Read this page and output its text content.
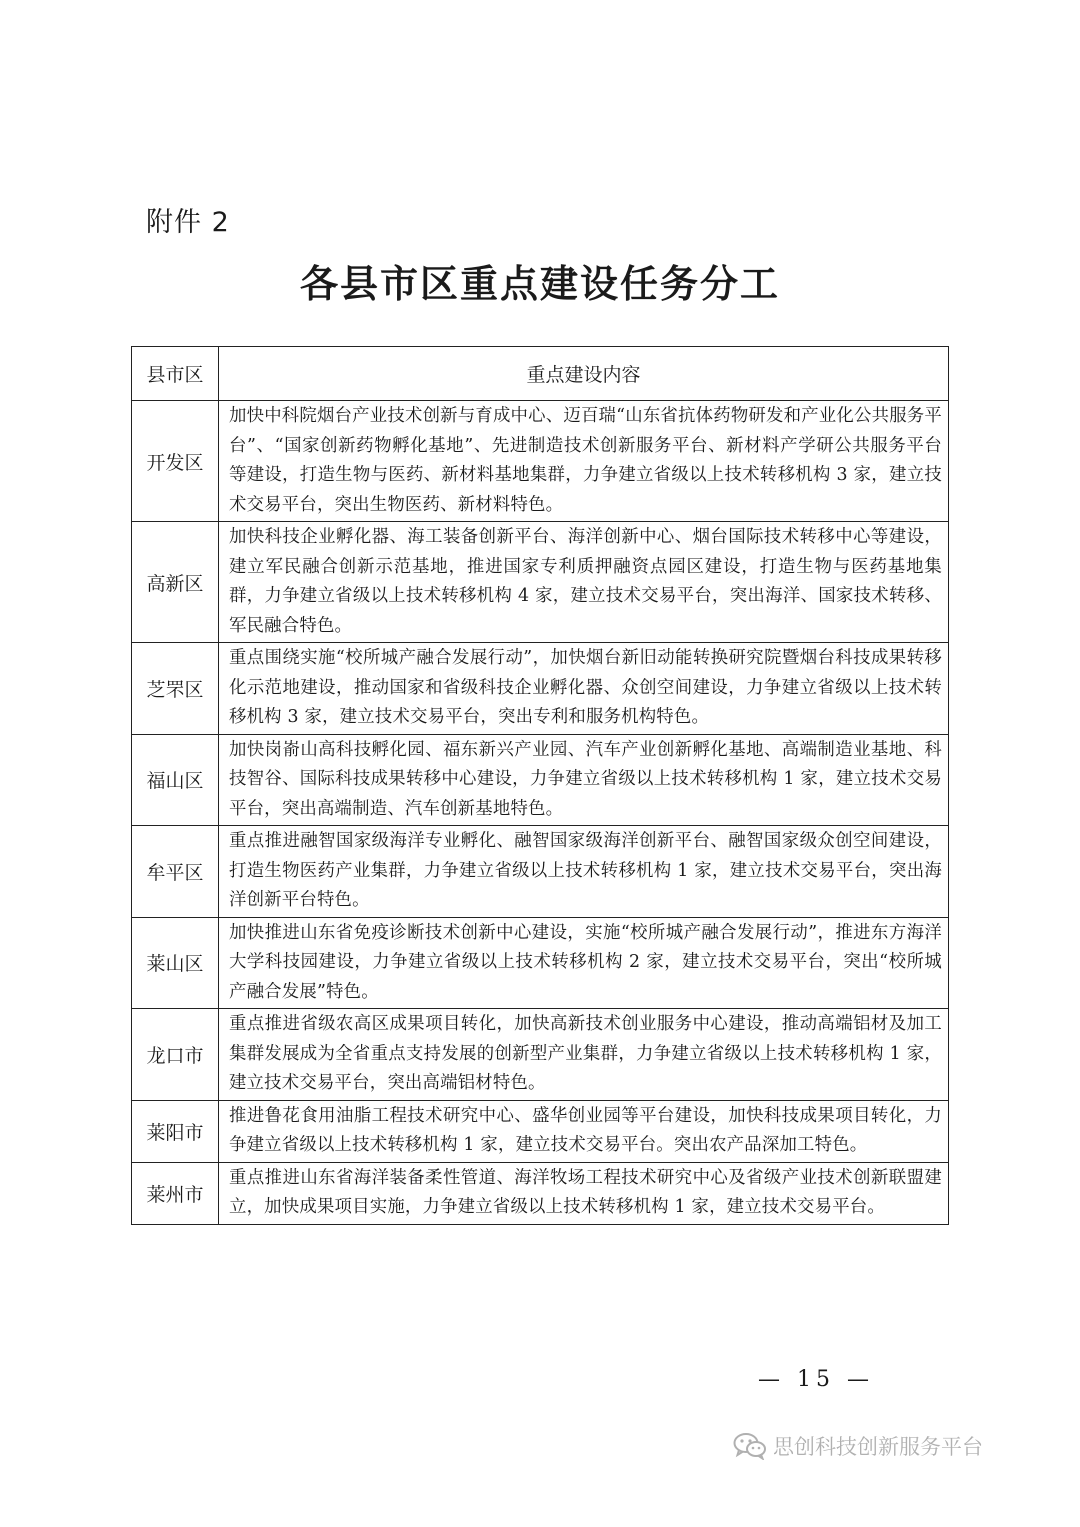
附件 2
各县市区重点建设任务分工
县市区	重点建设内容
开发区	加快中科院烟台产业技术创新与育成中心、迈百瑞“山东省抗体药物研发和产业化公共服务平台”、“国家创新药物孵化基地”、先进制造技术创新服务平台、新材料产学研公共服务平台等建设，打造生物与医药、新材料基地集群，力争建立省级以上技术转移机构 3 家，建立技术交易平台，突出生物医药、新材料特色。
高新区	加快科技企业孵化器、海工装备创新平台、海洋创新中心、烟台国际技术转移中心等建设，建立军民融合创新示范基地，推进国家专利质押融资点园区建设，打造生物与医药基地集群，力争建立省级以上技术转移机构 4 家，建立技术交易平台，突出海洋、国家技术转移、军民融合特色。
芝罘区	重点围绕实施“校所城产融合发展行动”，加快烟台新旧动能转换研究院暨烟台科技成果转移化示范地建设，推动国家和省级科技企业孵化器、众创空间建设，力争建立省级以上技术转移机构 3 家，建立技术交易平台，突出专利和服务机构特色。
福山区	加快岗嵛山高科技孵化园、福东新兴产业园、汽车产业创新孵化基地、高端制造业基地、科技智谷、国际科技成果转移中心建设，力争建立省级以上技术转移机构 1 家，建立技术交易平台，突出高端制造、汽车创新基地特色。
牟平区	重点推进融智国家级海洋专业孵化、融智国家级海洋创新平台、融智国家级众创空间建设，打造生物医药产业集群，力争建立省级以上技术转移机构 1 家，建立技术交易平台，突出海洋创新平台特色。
莱山区	加快推进山东省免疫诊断技术创新中心建设，实施“校所城产融合发展行动”，推进东方海洋大学科技园建设，力争建立省级以上技术转移机构 2 家，建立技术交易平台，突出“校所城产融合发展”特色。
龙口市	重点推进省级农高区成果项目转化，加快高新技术创业服务中心建设，推动高端铝材及加工集群发展成为全省重点支持发展的创新型产业集群，力争建立省级以上技术转移机构 1 家，建立技术交易平台，突出高端铝材特色。
莱阳市	推进鲁花食用油脂工程技术研究中心、盛华创业园等平台建设，加快科技成果项目转化，力争建立省级以上技术转移机构 1 家，建立技术交易平台。突出农产品深加工特色。
莱州市	重点推进山东省海洋装备柔性管道、海洋牧场工程技术研究中心及省级产业技术创新联盟建立，加快成果项目实施，力争建立省级以上技术转移机构 1 家，建立技术交易平台。
— 15 —
思创科技创新服务平台
